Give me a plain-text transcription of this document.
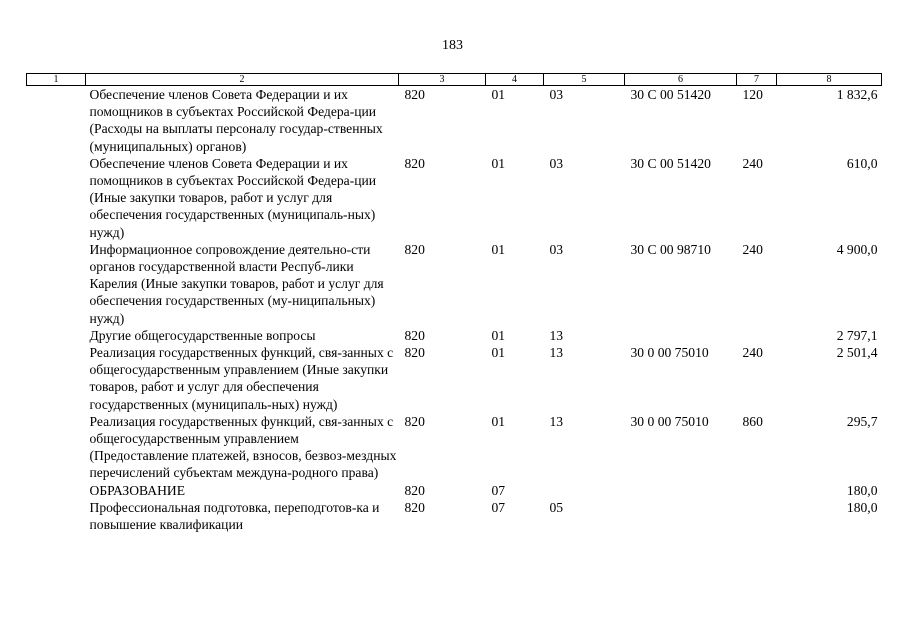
183
1	2	3	4	5	6	7	8
	Обеспечение членов Совета Федерации и их помощников в субъектах Российской Федера-ции (Расходы на выплаты персоналу государ-ственных (муниципальных) органов)	820	01	03	30 С 00 51420	120	1 832,6
	Обеспечение членов Совета Федерации и их помощников в субъектах Российской Федера-ции (Иные закупки товаров, работ и услуг для обеспечения государственных (муниципаль-ных) нужд)	820	01	03	30 С 00 51420	240	610,0
	Информационное сопровождение деятельно-сти органов государственной власти Респуб-лики Карелия (Иные закупки товаров, работ и услуг для обеспечения государственных (му-ниципальных) нужд)	820	01	03	30 С 00 98710	240	4 900,0
	Другие общегосударственные вопросы	820	01	13			2 797,1
	Реализация государственных функций, свя-занных с общегосударственным управлением (Иные закупки товаров, работ и услуг для обеспечения государственных (муниципаль-ных) нужд)	820	01	13	30 0 00 75010	240	2 501,4
	Реализация государственных функций, свя-занных с общегосударственным управлением (Предоставление платежей, взносов, безвоз-мездных перечислений субъектам междуна-родного права)	820	01	13	30 0 00 75010	860	295,7
	ОБРАЗОВАНИЕ	820	07				180,0
	Профессиональная подготовка, переподготов-ка и повышение квалификации	820	07	05			180,0
